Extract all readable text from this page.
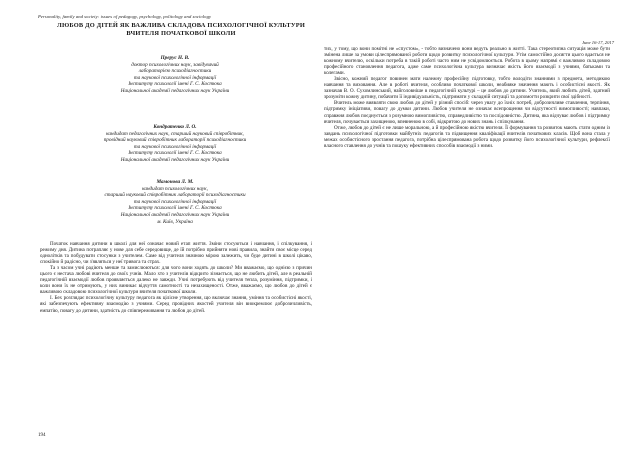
Personality, family and society: issues of pedagogy, psychology, politology and sociology
June 16-17, 2017
ЛЮБОВ ДО ДІТЕЙ ЯК ВАЖЛИВА СКЛАДОВА ПСИХОЛОГІЧНОЇ КУЛЬТУРИ ВЧИТЕЛЯ ПОЧАТКОВОЇ ШКОЛИ
Прерус Н. В.
доктор психологічних наук, завідувачий
лабораторією психодіагностики
та наукової психологічної інформації
Інституту психології імені Г. С. Костюка
Національної академії педагогічних наук України
Кондратенко Л. О.
кандидат педагогічних наук, старший науковий співробітник,
провідний науковий співробітник лабораторії психодіагностики
та наукової психологічної інформації
Інституту психології імені Г. С. Костюка
Національної академії педагогічних наук України
Мамонова Л. М.
кандидат психологічних наук,
старший науковий співробітник лабораторії психодіагностики
та наукової психологічної інформації
Інституту психології імені Г. С. Костюка
Національної академії педагогічних наук України
м. Київ, Україна

Початок навчання дитини в школі для неї означає новий етап життя. Зміни стосуються і навчання, і спілкування, і режиму дня. Дитина потрапляє у нове для себе середовище, де їй потрібно прийняти нові правила, знайти своє місце серед однолітків та побудувати стосунки з учителем. Саме від учителя значною мірою залежить, чи буде дитині в школі цікаво, спокійно й радісно, чи з'являться у неї тривога та страх.

Та з часом учні радіють менше та замислюються: для чого вони ходять до школи? Ми вважаємо, що однією з причин цього є нестача любові вчителя до своїх учнів. Мало хто з учителів відкрито зізнається, що не любить дітей, але в реальній педагогічній взаємодії любов проявляється далеко не завжди. Учні потребують від учителя тепла, розуміння, підтримки, і коли вони їх не отримують, у них виникає відчуття самотності та незахищеності. Отже, вважаємо, що любов до дітей є важливою складовою психологічної культури вчителя початкової школи.

І. Бех розглядає психологічну культуру педагога як цілісне утворення, що включає знання, уміння та особистісні якості, які забезпечують ефективну взаємодію з учнями. Серед провідних якостей учителя він виокремлює доброзичливість, емпатію, повагу до дитини, здатність до співпереживання та любов до дітей.

тих, у тому, що вони помітні не «спустом», - тобто визначено вони ведуть реально в житті. Така стереотипна ситуація може бути змінена лише за умови цілеспрямованої роботи щодо розвитку психологічної культури. Утім самостійно досягти цього вдається не кожному вчителю, оскільки потреба в такій роботі часто ним не усвідомлюється. Робота в цьому напрямі є важливою складовою професійного становлення педагога, адже саме психологічна культура визначає якість його взаємодії з учнями, батьками та колегами.

Звісно, кожний педагог повинен мати належну професійну підготовку, тобто володіти знаннями з предмета, методикою навчання та виховання. Але в роботі вчителя, особливо початкової школи, неабияке значення мають і особистісні якості. Як зазначав В. О. Сухомлинський, найголовніше в педагогічній культурі – це любов до дитини. Учитель, який любить дітей, здатний зрозуміти кожну дитину, побачити її індивідуальність, підтримати у складній ситуації та допомогти розкрити свої здібності.

Вчитель може виявляти свою любов до дітей у різний спосіб: через увагу до їхніх потреб, доброзичливе ставлення, терпіння, підтримку ініціативи, повагу до думки дитини. Любов учителя не означає всепрощення чи відсутності вимогливості; навпаки, справжня любов поєднується з розумною вимогливістю, справедливістю та послідовністю. Дитина, яка відчуває любов і підтримку вчителя, почувається захищеною, впевненою в собі, відкритою до нових знань і спілкування.

Отже, любов до дітей є не лише моральною, а й професійною якістю вчителя. Її формування та розвиток мають стати одним із завдань психологічної підготовки майбутніх педагогів та підвищення кваліфікації вчителів початкових класів. Щоб вона стала у межах особистісного зростання педагога, потрібна цілеспрямована робота щодо розвитку його психологічної культури, рефлексії власного ставлення до учнів та пошуку ефективних способів взаємодії з ними.

194
